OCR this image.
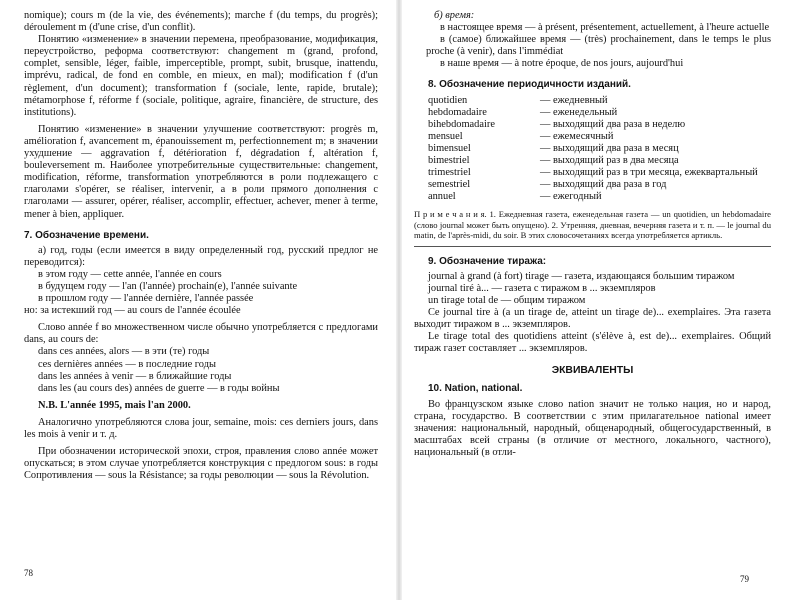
nomique); cours m (de la vie, des événements); marche f (du temps, du progrès); déroulement m (d'une crise, d'un conflit).

Понятию «изменение» в значении перемена, преобразование, модификация, переустройство, реформа соответствуют: changement m (grand, profond, complet, sensible, léger, faible, imperceptible, prompt, subit, brusque, inattendu, imprévu, radical, de fond en comble, en mieux, en mal); modification f (d'un règlement, d'un document); transformation f (sociale, lente, rapide, brutale); métamorphose f, réforme f (sociale, politique, agraire, financière, de structure, des institutions).

Понятию «изменение» в значении улучшение соответствуют: progrès m, amélioration f, avancement m, épanouissement m, perfectionnement m; в значении ухудшение — aggravation f, détérioration f, dégradation f, altération f, bouleversement m. Наиболее употребительные существительные: changement, modification, réforme, transformation употребляются в роли подлежащего с глаголами s'opérer, se réaliser, intervenir, а в роли прямого дополнения с глаголами — assurer, opérer, réaliser, accomplir, effectuer, achever, mener à terme, mener à bien, appliquer.

7. Обозначение времени.

а) год, годы (если имеется в виду определенный год, русский предлог не переводится):

в этом году — cette année, l'année en cours
в будущем году — l'an (l'année) prochain(e), l'année suivante
в прошлом году — l'année dernière, l'année passée
но: за истекший год — au cours de l'année écoulée

Слово année f во множественном числе обычно употребляется с предлогами dans, au cours de:

dans ces années, alors — в эти (те) годы
ces dernières années — в последние годы
dans les années à venir — в ближайшие годы
dans les (au cours des) années de guerre — в годы войны

N.B. L'année 1995, mais l'an 2000.

Аналогично употребляются слова jour, semaine, mois: ces derniers jours, dans les mois à venir и т. д.

При обозначении исторической эпохи, строя, правления слово année может опускаться; в этом случае употребляется конструкция с предлогом sous: в годы Сопротивления — sous la Résistance; за годы революции — sous la Révolution.

78
б) время:

в настоящее время — à présent, présentement, actuellement, à l'heure actuelle

в (самое) ближайшее время — (très) prochainement, dans le temps le plus proche (à venir), dans l'immédiat

в наше время — à notre époque, de nos jours, aujourd'hui

8. Обозначение периодичности изданий.
quotidien	— ежедневный
hebdomadaire	— еженедельный
bihebdomadaire	— выходящий два раза в неделю
mensuel	— ежемесячный
bimensuel	— выходящий два раза в месяц
bimestriel	— выходящий раз в два месяца
trimestriel	— выходящий раз в три месяца, ежеквартальный
semestriel	— выходящий два раза в год
annuel	— ежегодный

П р и м е ч а н и я. 1. Ежедневная газета, еженедельная газета — un quotidien, un hebdomadaire (слово journal может быть опущено). 2. Утренняя, дневная, вечерняя газета и т. п. — le journal du matin, de l'après-midi, du soir. В этих словосочетаниях всегда употребляется артикль.

9. Обозначение тиража:

journal à grand (à fort) tirage — газета, издающаяся большим тиражом

journal tiré à... — газета с тиражом в ... экземпляров

un tirage total de — общим тиражом

Ce journal tire à (a un tirage de, atteint un tirage de)... exemplaires. Эта газета выходит тиражом в ... экземпляров.

Le tirage total des quotidiens atteint (s'élève à, est de)... exemplaires. Общий тираж газет составляет ... экземпляров.

ЭКВИВАЛЕНТЫ
10. Nation, national.

Во французском языке слово nation значит не только нация, но и народ, страна, государство. В соответствии с этим прилагательное national имеет значения: национальный, народный, общенародный, общегосударственный, в масштабах всей страны (в отличие от местного, локального, частного), национальный (в отли-

79
